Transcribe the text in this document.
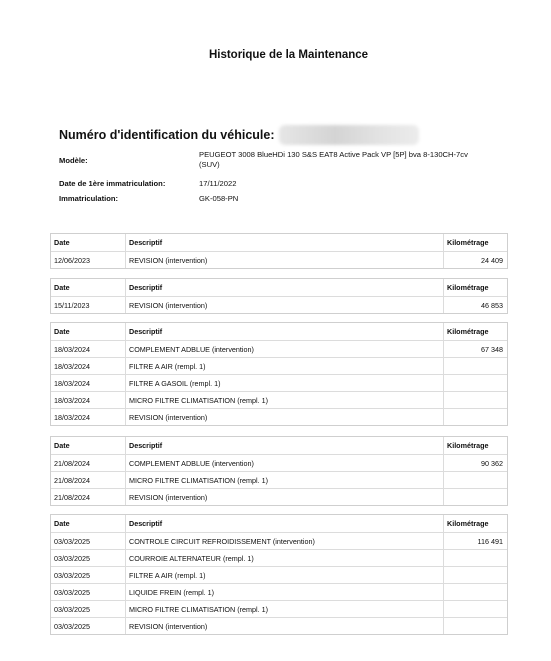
Historique de la Maintenance
Numéro d'identification du véhicule:
Modèle:
PEUGEOT 3008 BlueHDi 130 S&S EAT8 Active Pack VP [5P] bva 8-130CH-7cv (SUV)
Date de 1ère immatriculation:	17/11/2022
Immatriculation:	GK-058-PN
Date	Descriptif	Kilométrage
12/06/2023	REVISION (intervention)	24 409
Date	Descriptif	Kilométrage
15/11/2023	REVISION (intervention)	46 853
Date	Descriptif	Kilométrage
18/03/2024	COMPLEMENT ADBLUE (intervention)	67 348
18/03/2024	FILTRE A AIR (rempl. 1)
18/03/2024	FILTRE A GASOIL (rempl. 1)
18/03/2024	MICRO FILTRE CLIMATISATION (rempl. 1)
18/03/2024	REVISION (intervention)
Date	Descriptif	Kilométrage
21/08/2024	COMPLEMENT ADBLUE (intervention)	90 362
21/08/2024	MICRO FILTRE CLIMATISATION (rempl. 1)
21/08/2024	REVISION (intervention)
Date	Descriptif	Kilométrage
03/03/2025	CONTROLE CIRCUIT REFROIDISSEMENT (intervention)	116 491
03/03/2025	COURROIE ALTERNATEUR (rempl. 1)
03/03/2025	FILTRE A AIR (rempl. 1)
03/03/2025	LIQUIDE FREIN (rempl. 1)
03/03/2025	MICRO FILTRE CLIMATISATION (rempl. 1)
03/03/2025	REVISION (intervention)
